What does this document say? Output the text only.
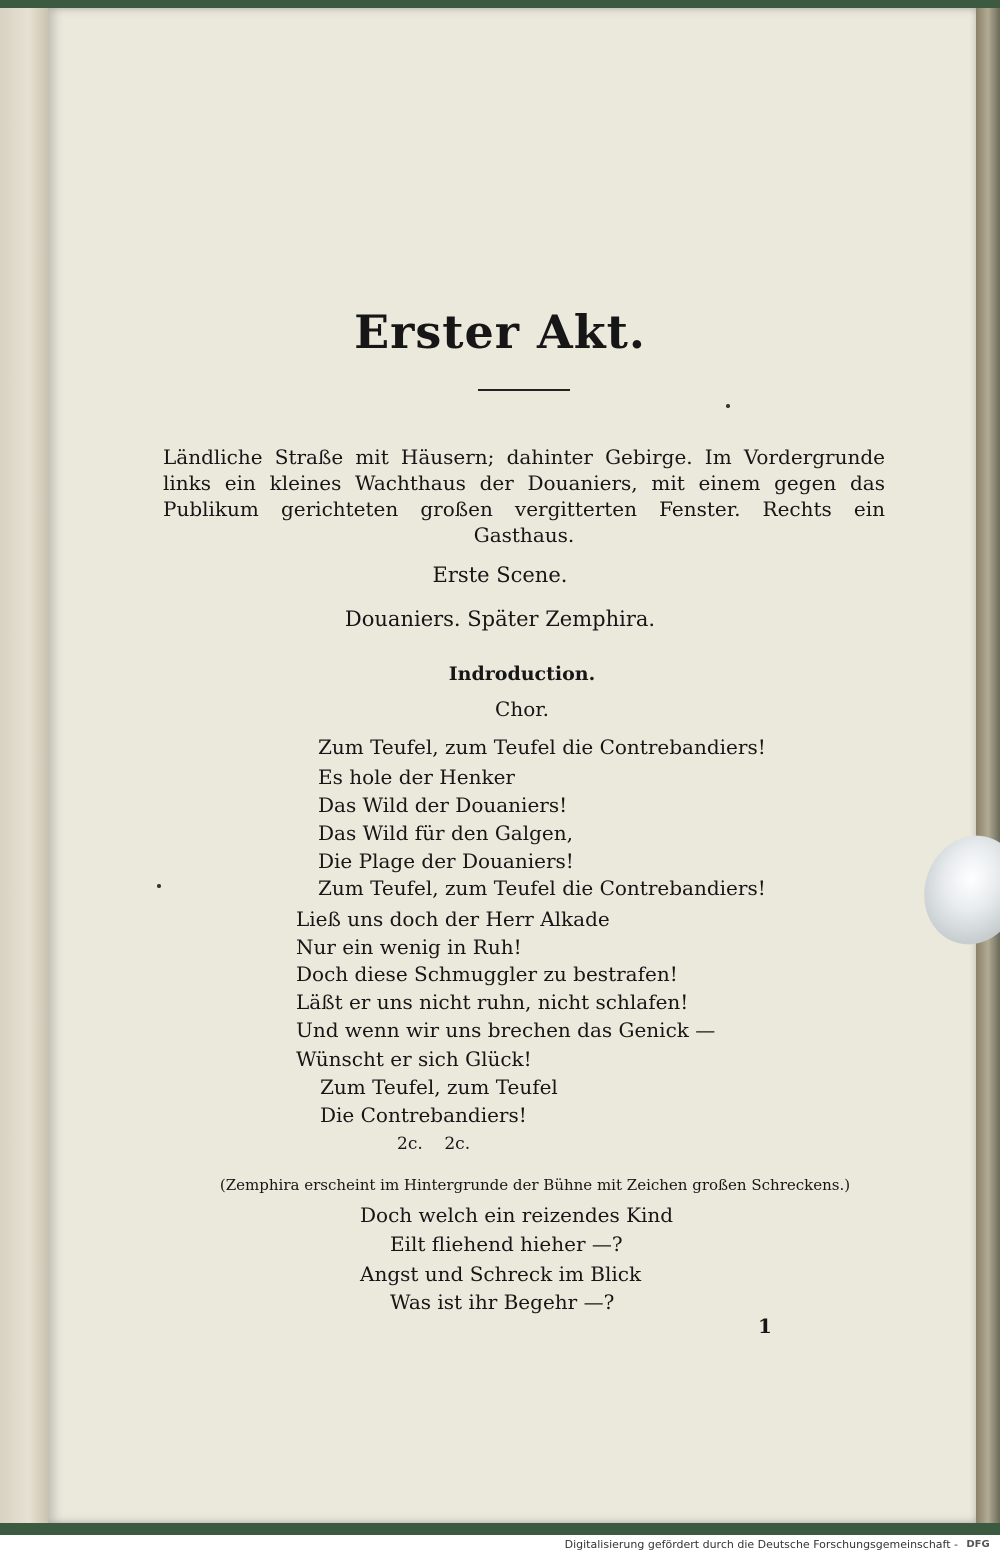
Erster Akt.
Ländliche Straße mit Häusern; dahinter Gebirge. Im Vordergrunde links ein kleines Wachthaus der Douaniers, mit einem gegen das Publikum gerichteten großen vergitterten Fenster. Rechts ein Gasthaus.
Erste Scene.
Douaniers. Später Zemphira.
Indroduction.
Chor.
Zum Teufel, zum Teufel die Contrebandiers!
Es hole der Henker
Das Wild der Douaniers!
Das Wild für den Galgen,
Die Plage der Douaniers!
Zum Teufel, zum Teufel die Contrebandiers!
Ließ uns doch der Herr Alkade
Nur ein wenig in Ruh!
Doch diese Schmuggler zu bestrafen!
Läßt er uns nicht ruhn, nicht schlafen!
Und wenn wir uns brechen das Genick —
Wünscht er sich Glück!
Zum Teufel, zum Teufel
Die Contrebandiers!
2c.    2c.
(Zemphira erscheint im Hintergrunde der Bühne mit Zeichen großen Schreckens.)
Doch welch ein reizendes Kind
Eilt fliehend hieher —?
Angst und Schreck im Blick
Was ist ihr Begehr —?
1
Digitalisierung gefördert durch die Deutsche Forschungsgemeinschaft - DFG
